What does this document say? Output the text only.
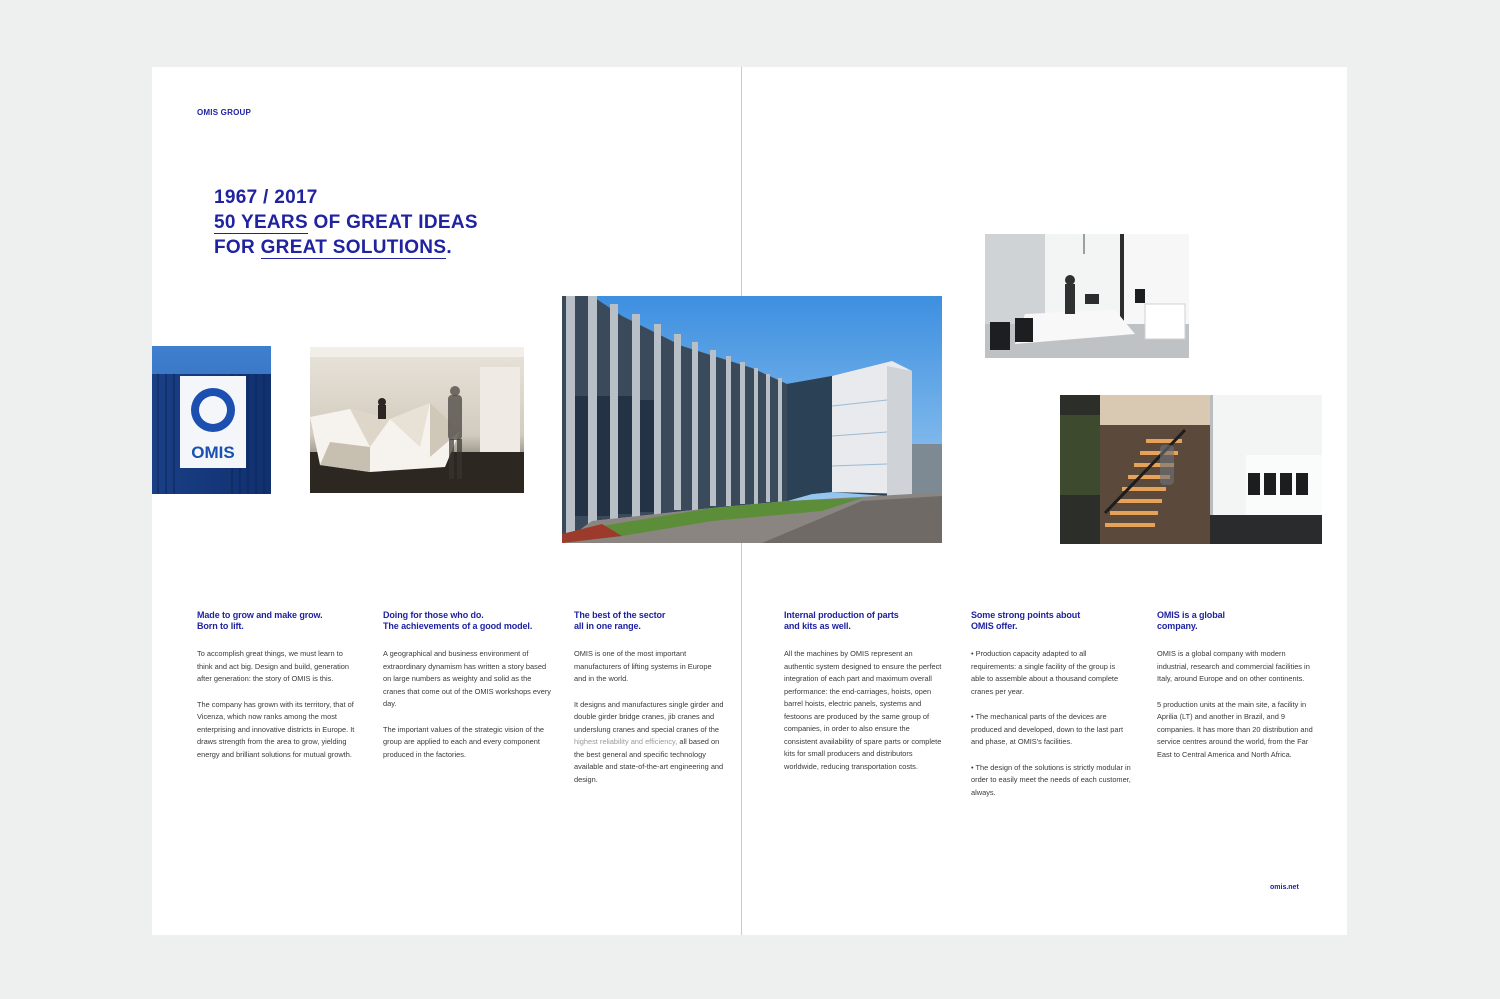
OMIS GROUP
1967 / 2017
50 YEARS OF GREAT IDEAS
FOR GREAT SOLUTIONS.
OMIS
Made to grow and make grow.
Born to lift.

To accomplish great things, we must learn to think and act big. Design and build, generation after generation: the story of OMIS is this.

The company has grown with its territory, that of Vicenza, which now ranks among the most enterprising and innovative districts in Europe. It draws strength from the area to grow, yielding energy and brilliant solutions for mutual growth.

Doing for those who do.
The achievements of a good model.

A geographical and business environment of extraordinary dynamism has written a story based on large numbers as weighty and solid as the cranes that come out of the OMIS workshops every day.

The important values of the strategic vision of the group are applied to each and every component produced in the factories.

The best of the sector
all in one range.

OMIS is one of the most important manufacturers of lifting systems in Europe and in the world.

It designs and manufactures single girder and double girder bridge cranes, jib cranes and underslung cranes and special cranes of the highest reliability and efficiency, all based on the best general and specific technology available and state-of-the-art engineering and design.

Internal production of parts
and kits as well.

All the machines by OMIS represent an authentic system designed to ensure the perfect integration of each part and maximum overall performance: the end-carriages, hoists, open barrel hoists, electric panels, systems and festoons are produced by the same group of companies, in order to also ensure the consistent availability of spare parts or complete kits for small producers and distributors worldwide, reducing transportation costs.

Some strong points about
OMIS offer.

• Production capacity adapted to all requirements: a single facility of the group is able to assemble about a thousand complete cranes per year.

• The mechanical parts of the devices are produced and developed, down to the last part and phase, at OMIS's facilities.

• The design of the solutions is strictly modular in order to easily meet the needs of each customer, always.

OMIS is a global
company.

OMIS is a global company with modern industrial, research and commercial facilities in Italy, around Europe and on other continents.

5 production units at the main site, a facility in Aprilia (LT) and another in Brazil, and 9 companies. It has more than 20 distribution and service centres around the world, from the Far East to Central America and North Africa.

omis.net
